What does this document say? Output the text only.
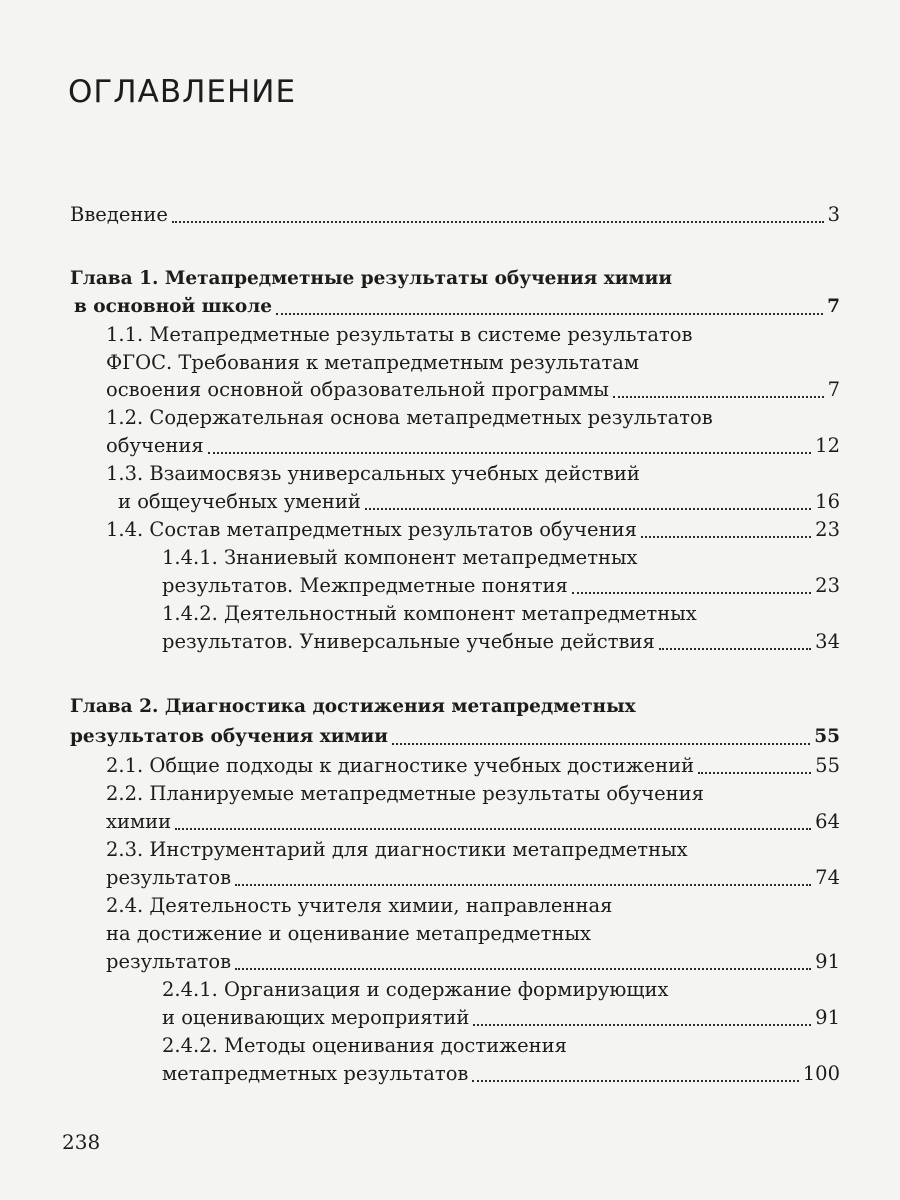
ОГЛАВЛЕНИЕ
Введение	3
Глава 1. Метапредметные результаты обучения химии
в основной школе	7
1.1. Метапредметные результаты в системе результатов
ФГОС. Требования к метапредметным результатам
освоения основной образовательной программы	7
1.2. Содержательная основа метапредметных результатов
обучения	12
1.3. Взаимосвязь универсальных учебных действий
и общеучебных умений	16
1.4. Состав метапредметных результатов обучения	23
1.4.1. Знаниевый компонент метапредметных
результатов. Межпредметные понятия	23
1.4.2. Деятельностный компонент метапредметных
результатов. Универсальные учебные действия	34
Глава 2. Диагностика достижения метапредметных
результатов обучения химии	55
2.1. Общие подходы к диагностике учебных достижений	55
2.2. Планируемые метапредметные результаты обучения
химии	64
2.3. Инструментарий для диагностики метапредметных
результатов	74
2.4. Деятельность учителя химии, направленная
на достижение и оценивание метапредметных
результатов	91
2.4.1. Организация и содержание формирующих
и оценивающих мероприятий	91
2.4.2. Методы оценивания достижения
метапредметных результатов	100
238
